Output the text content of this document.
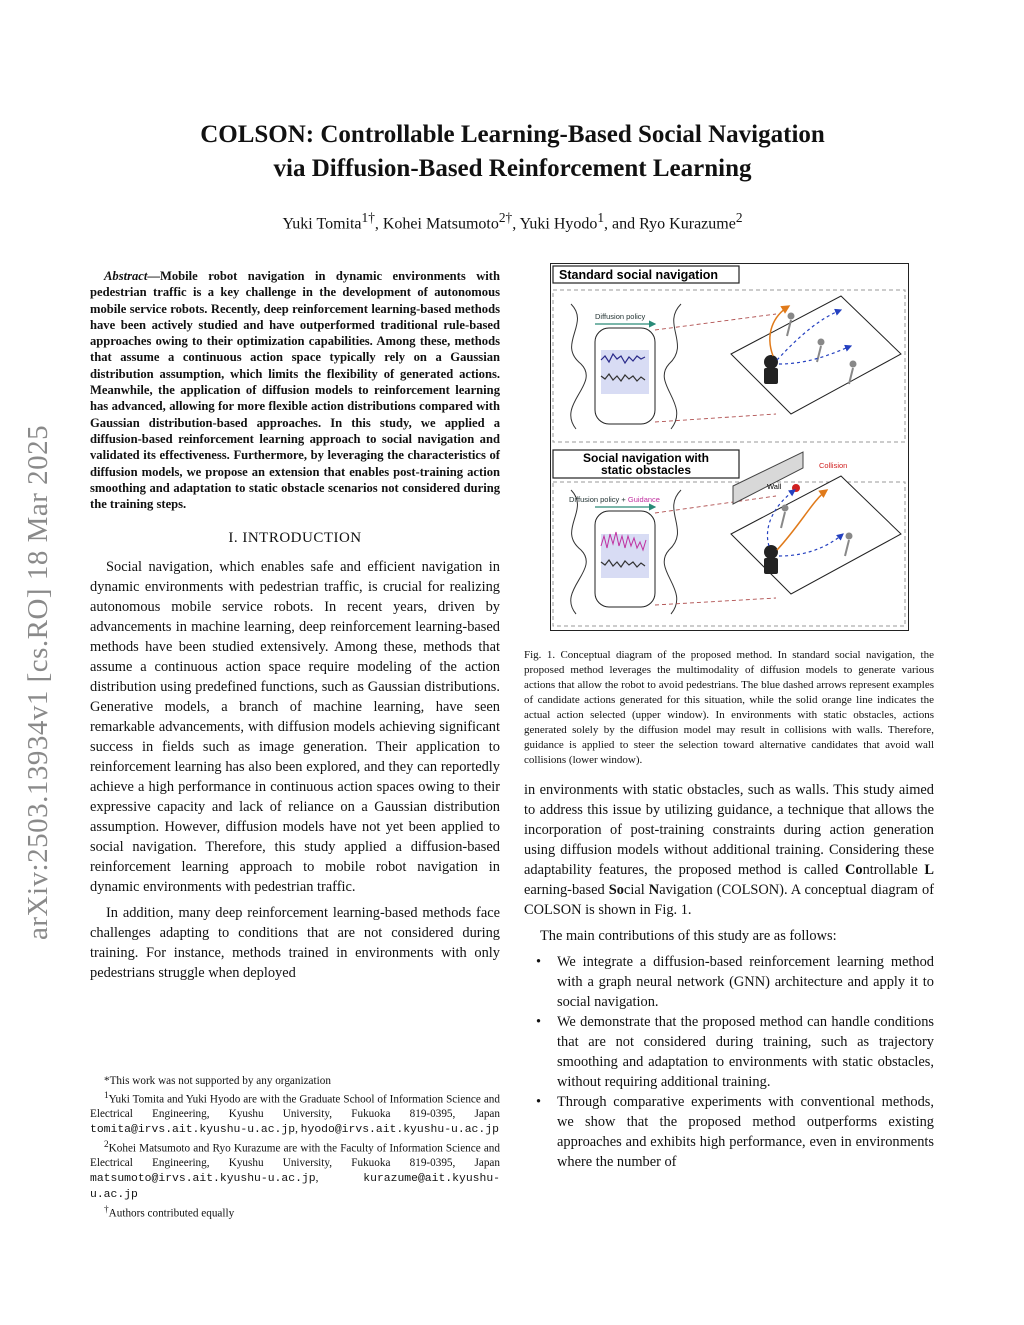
arXiv:2503.13934v1 [cs.RO] 18 Mar 2025
COLSON: Controllable Learning-Based Social Navigation
via Diffusion-Based Reinforcement Learning
Yuki Tomita$^{1\dagger}$, Kohei Matsumoto$^{2\dagger}$, Yuki Hyodo$^1$, and Ryo Kurazume$^2$

Abstract—Mobile robot navigation in dynamic environments with pedestrian traffic is a key challenge in the development of autonomous mobile service robots. Recently, deep reinforcement learning-based methods have been actively studied and have outperformed traditional rule-based approaches owing to their optimization capabilities. Among these, methods that assume a continuous action space typically rely on a Gaussian distribution assumption, which limits the flexibility of generated actions. Meanwhile, the application of diffusion models to reinforcement learning has advanced, allowing for more flexible action distributions compared with Gaussian distribution-based approaches. In this study, we applied a diffusion-based reinforcement learning approach to social navigation and validated its effectiveness. Furthermore, by leveraging the characteristics of diffusion models, we propose an extension that enables post-training action smoothing and adaptation to static obstacle scenarios not considered during the training steps.

I. INTRODUCTION

Social navigation, which enables safe and efficient navigation in dynamic environments with pedestrian traffic, is crucial for realizing autonomous mobile service robots. In recent years, driven by advancements in machine learning, deep reinforcement learning-based methods have been studied extensively. Among these, methods that assume a continuous action space require modeling of the action distribution using predefined functions, such as Gaussian distributions. Generative models, a branch of machine learning, have seen remarkable advancements, with diffusion models achieving significant success in fields such as image generation. Their application to reinforcement learning has also been explored, and they can reportedly achieve a high performance in continuous action spaces owing to their expressive capacity and lack of reliance on a Gaussian distribution assumption. However, diffusion models have not yet been applied to social navigation. Therefore, this study applied a diffusion-based reinforcement learning approach to mobile robot navigation in dynamic environments with pedestrian traffic.

In addition, many deep reinforcement learning-based methods face challenges adapting to conditions that are not considered during training. For instance, methods trained in environments with only pedestrians struggle when deployed

*This work was not supported by any organization

$^1$Yuki Tomita and Yuki Hyodo are with the Graduate School of Information Science and Electrical Engineering, Kyushu University, Fukuoka 819-0395, Japan tomita@irvs.ait.kyushu-u.ac.jp, hyodo@irvs.ait.kyushu-u.ac.jp

$^2$Kohei Matsumoto and Ryo Kurazume are with the Faculty of Information Science and Electrical Engineering, Kyushu University, Fukuoka 819-0395, Japan matsumoto@irvs.ait.kyushu-u.ac.jp, kurazume@ait.kyushu-u.ac.jp

†Authors contributed equally

Standard social navigation
Diffusion policy
Social navigation with
static obstacles
Diffusion policy + Guidance
Wall
Collision

Fig. 1. Conceptual diagram of the proposed method. In standard social navigation, the proposed method leverages the multimodality of diffusion models to generate various actions that allow the robot to avoid pedestrians. The blue dashed arrows represent examples of candidate actions generated for this situation, while the solid orange line indicates the actual action selected (upper window). In environments with static obstacles, actions generated solely by the diffusion model may result in collisions with walls. Therefore, guidance is applied to steer the selection toward alternative candidates that avoid wall collisions (lower window).

in environments with static obstacles, such as walls. This study aimed to address this issue by utilizing guidance, a technique that allows the incorporation of post-training constraints during action generation using diffusion models without additional training. Considering these adaptability features, the proposed method is called Controllable L earning-based Social Navigation (COLSON). A conceptual diagram of COLSON is shown in Fig. 1.

The main contributions of this study are as follows:

• We integrate a diffusion-based reinforcement learning method with a graph neural network (GNN) architecture and apply it to social navigation.
• We demonstrate that the proposed method can handle conditions that are not considered during training, such as trajectory smoothing and adaptation to environments with static obstacles, without requiring additional training.
• Through comparative experiments with conventional methods, we show that the proposed method outperforms existing approaches and exhibits high performance, even in environments where the number of
